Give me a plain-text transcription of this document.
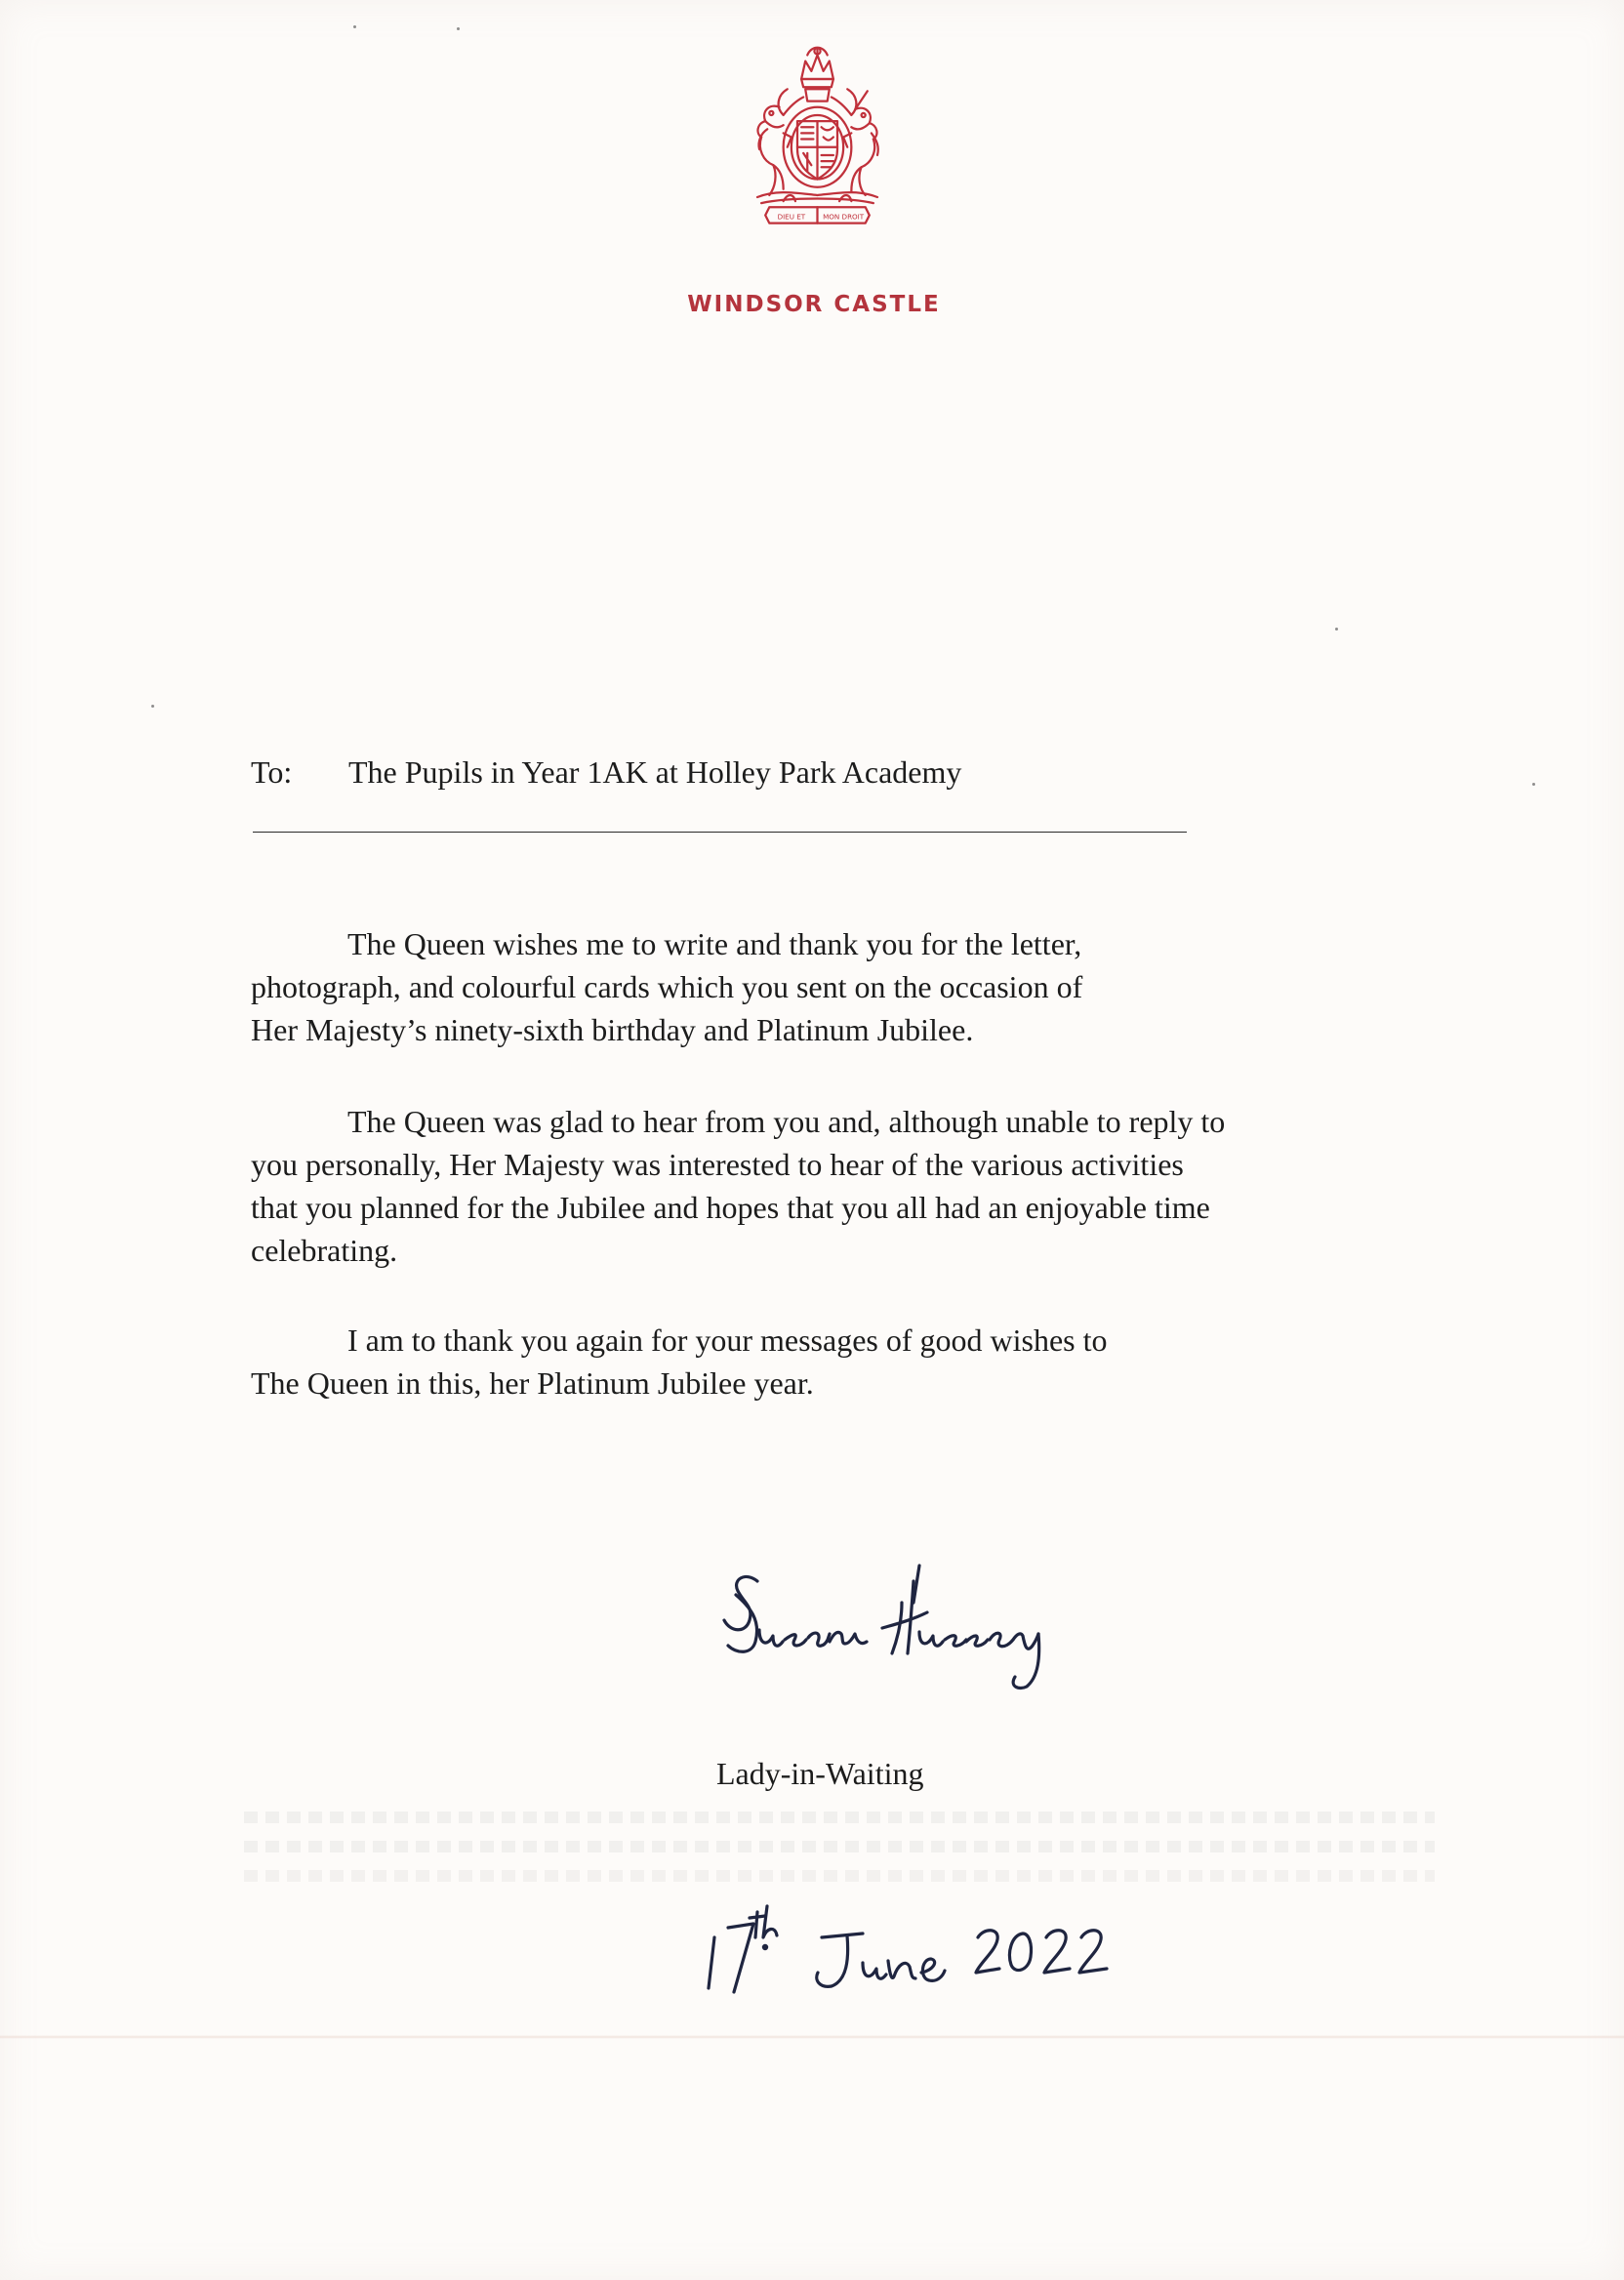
DIEU ET	MON DROIT
WINDSOR CASTLE
To: The Pupils in Year 1AK at Holley Park Academy

The Queen wishes me to write and thank you for the letter,
photograph, and colourful cards which you sent on the occasion of
Her Majesty’s ninety-sixth birthday and Platinum Jubilee.

The Queen was glad to hear from you and, although unable to reply to
you personally, Her Majesty was interested to hear of the various activities
that you planned for the Jubilee and hopes that you all had an enjoyable time
celebrating.

I am to thank you again for your messages of good wishes to
The Queen in this, her Platinum Jubilee year.

Lady-in-Waiting
